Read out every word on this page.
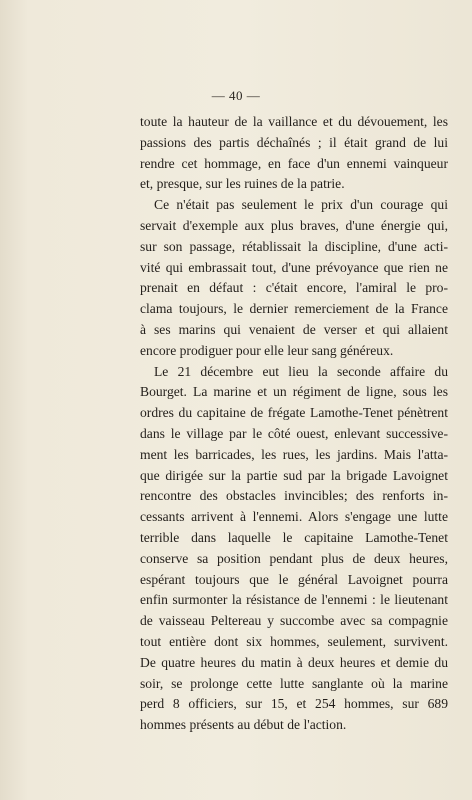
— 40 —
toute la hauteur de la vaillance et du dévouement, les
passions des partis déchaînés ; il était grand de lui
rendre cet hommage, en face d'un ennemi vainqueur
et, presque, sur les ruines de la patrie.
Ce n'était pas seulement le prix d'un courage qui
servait d'exemple aux plus braves, d'une énergie qui,
sur son passage, rétablissait la discipline, d'une acti-
vité qui embrassait tout, d'une prévoyance que rien ne
prenait en défaut : c'était encore, l'amiral le pro-
clama toujours, le dernier remerciement de la France
à ses marins qui venaient de verser et qui allaient
encore prodiguer pour elle leur sang généreux.
Le 21 décembre eut lieu la seconde affaire du
Bourget. La marine et un régiment de ligne, sous les
ordres du capitaine de frégate Lamothe-Tenet pénètrent
dans le village par le côté ouest, enlevant successive-
ment les barricades, les rues, les jardins. Mais l'atta-
que dirigée sur la partie sud par la brigade Lavoignet
rencontre des obstacles invincibles; des renforts in-
cessants arrivent à l'ennemi. Alors s'engage une lutte
terrible dans laquelle le capitaine Lamothe-Tenet
conserve sa position pendant plus de deux heures,
espérant toujours que le général Lavoignet pourra
enfin surmonter la résistance de l'ennemi : le lieutenant
de vaisseau Peltereau y succombe avec sa compagnie
tout entière dont six hommes, seulement, survivent.
De quatre heures du matin à deux heures et demie du
soir, se prolonge cette lutte sanglante où la marine
perd 8 officiers, sur 15, et 254 hommes, sur 689
hommes présents au début de l'action.
